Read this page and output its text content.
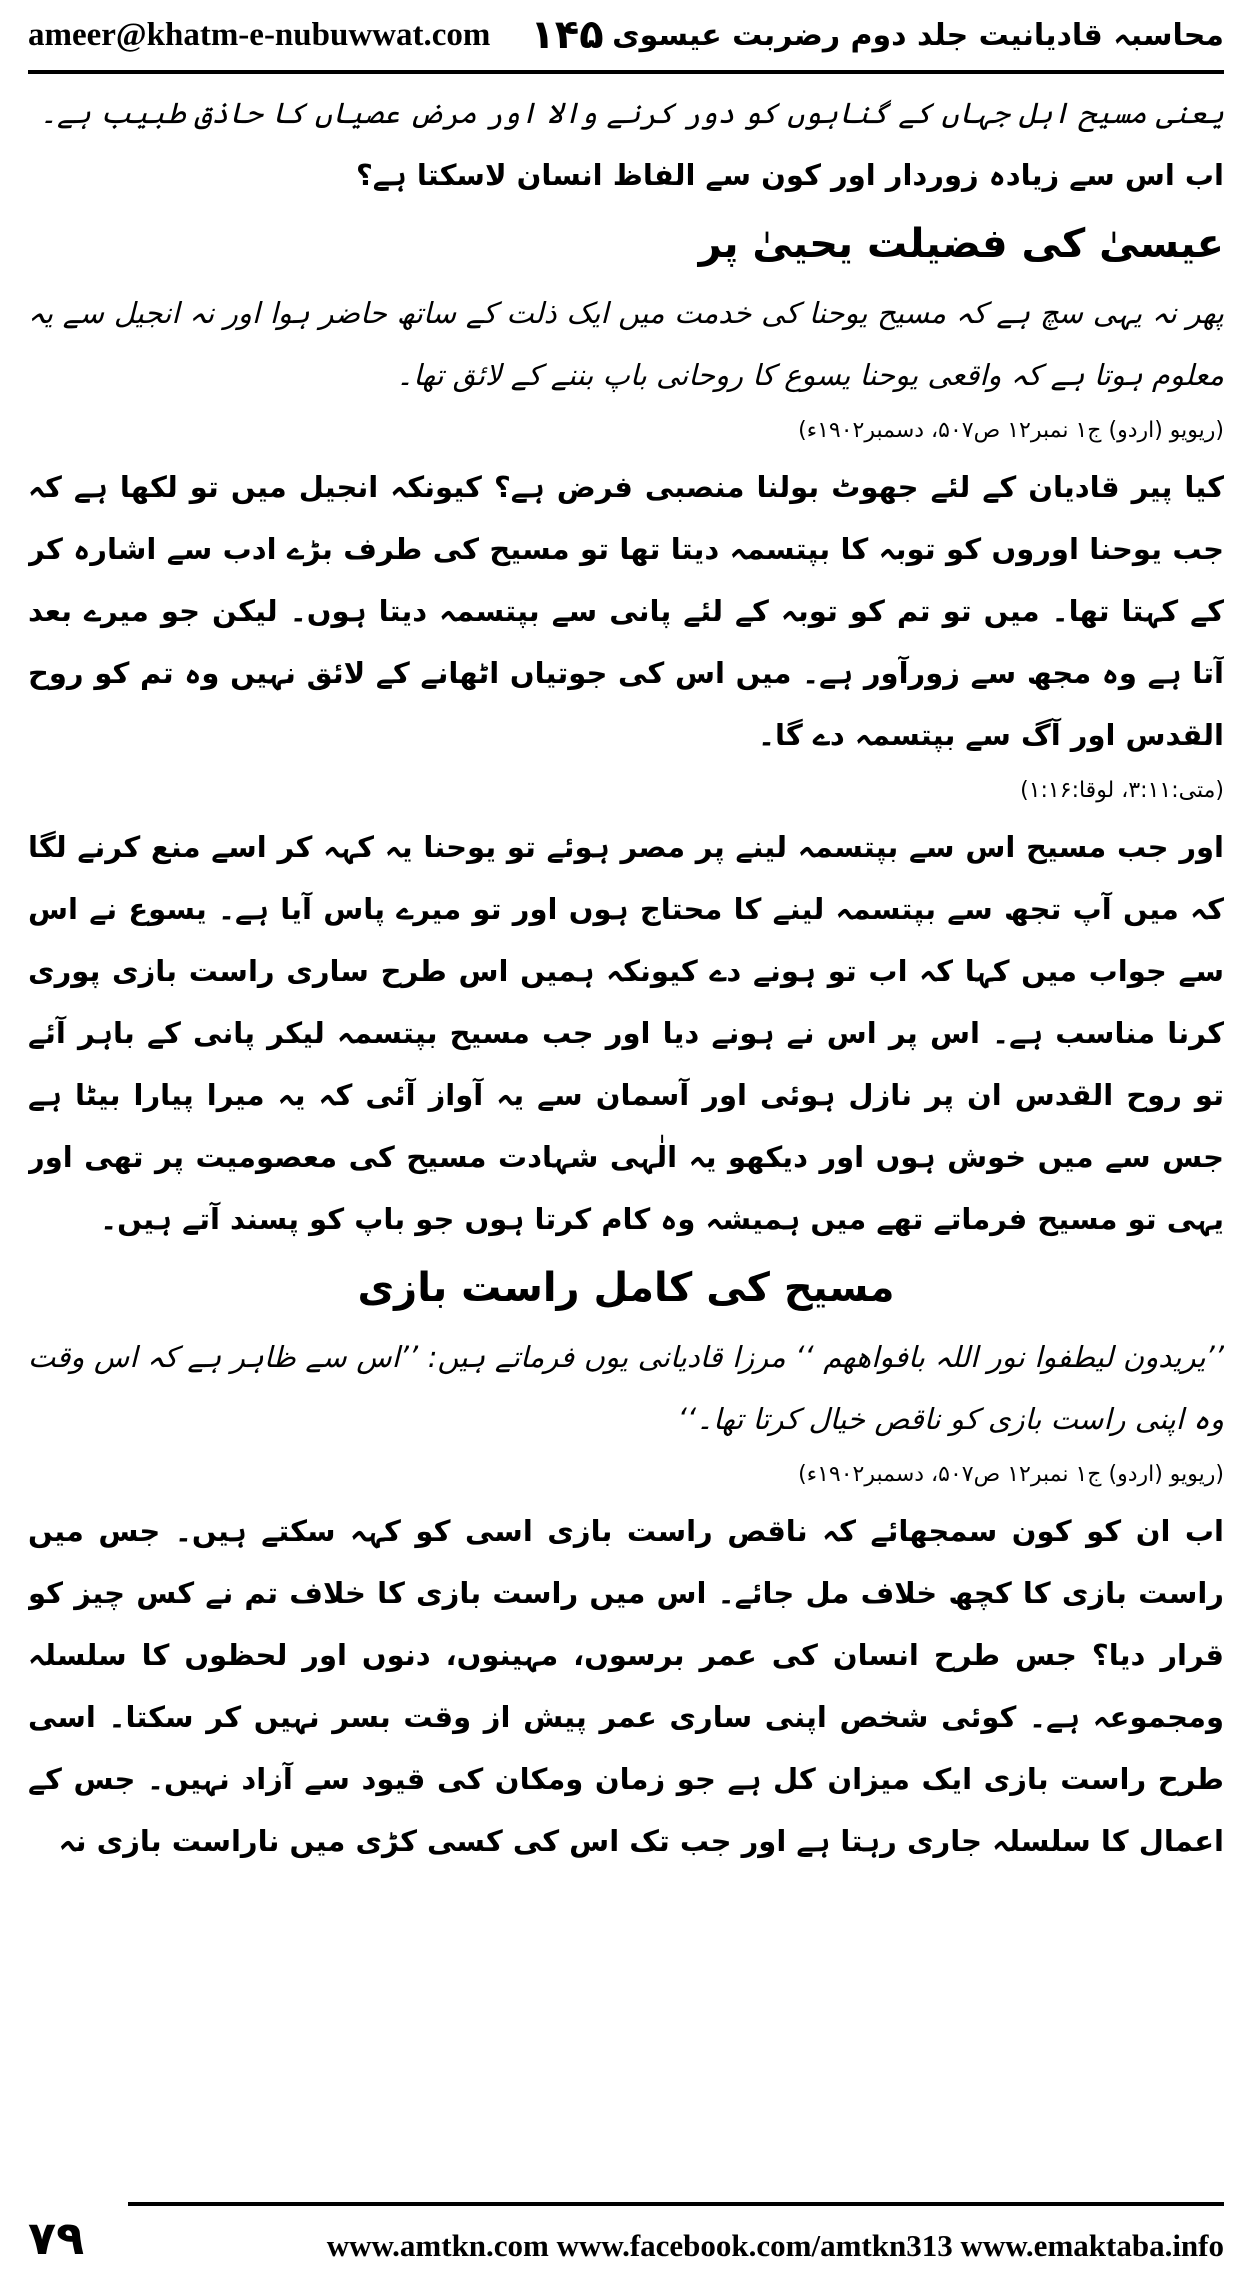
ameer@khatm-e-nubuwwat.com ۱۴۵ محاسبہ قادیانیت جلد دوم رضربت عیسوی

یعنی مسیح اہل جہاں کے گناہوں کو دور کرنے والا اور مرض عصیاں کا حاذق طبیب ہے۔

اب اس سے زیادہ زوردار اور کون سے الفاظ انسان لاسکتا ہے؟

عیسیٰ کی فضیلت یحییٰ پر

پھر نہ یہی سچ ہے کہ مسیح یوحنا کی خدمت میں ایک ذلت کے ساتھ حاضر ہوا اور نہ انجیل سے یہ معلوم ہوتا ہے کہ واقعی یوحنا یسوع کا روحانی باپ بننے کے لائق تھا۔

(ریویو (اردو) ج۱ نمبر۱۲ ص۵۰۷، دسمبر۱۹۰۲ء)

کیا پیر قادیان کے لئے جھوٹ بولنا منصبی فرض ہے؟ کیونکہ انجیل میں تو لکھا ہے کہ جب یوحنا اوروں کو توبہ کا بپتسمہ دیتا تھا تو مسیح کی طرف بڑے ادب سے اشارہ کر کے کہتا تھا۔ میں تو تم کو توبہ کے لئے پانی سے بپتسمہ دیتا ہوں۔ لیکن جو میرے بعد آتا ہے وہ مجھ سے زورآور ہے۔ میں اس کی جوتیاں اٹھانے کے لائق نہیں وہ تم کو روح القدس اور آگ سے بپتسمہ دے گا۔

(متی:۳:۱۱، لوقا:۱:۱۶)

اور جب مسیح اس سے بپتسمہ لینے پر مصر ہوئے تو یوحنا یہ کہہ کر اسے منع کرنے لگا کہ میں آپ تجھ سے بپتسمہ لینے کا محتاج ہوں اور تو میرے پاس آیا ہے۔ یسوع نے اس سے جواب میں کہا کہ اب تو ہونے دے کیونکہ ہمیں اس طرح ساری راست بازی پوری کرنا مناسب ہے۔ اس پر اس نے ہونے دیا اور جب مسیح بپتسمہ لیکر پانی کے باہر آئے تو روح القدس ان پر نازل ہوئی اور آسمان سے یہ آواز آئی کہ یہ میرا پیارا بیٹا ہے جس سے میں خوش ہوں اور دیکھو یہ الٰہی شہادت مسیح کی معصومیت پر تھی اور یہی تو مسیح فرماتے تھے میں ہمیشہ وہ کام کرتا ہوں جو باپ کو پسند آتے ہیں۔

مسیح کی کامل راست بازی

’’یریدون لیطفوا نور اللہ بافواھھم ‘‘ مرزا قادیانی یوں فرماتے ہیں: ’’اس سے ظاہر ہے کہ اس وقت وہ اپنی راست بازی کو ناقص خیال کرتا تھا۔‘‘

(ریویو (اردو) ج۱ نمبر۱۲ ص۵۰۷، دسمبر۱۹۰۲ء)

اب ان کو کون سمجھائے کہ ناقص راست بازی اسی کو کہہ سکتے ہیں۔ جس میں راست بازی کا کچھ خلاف مل جائے۔ اس میں راست بازی کا خلاف تم نے کس چیز کو قرار دیا؟ جس طرح انسان کی عمر برسوں، مہینوں، دنوں اور لحظوں کا سلسلہ ومجموعہ ہے۔ کوئی شخص اپنی ساری عمر پیش از وقت بسر نہیں کر سکتا۔ اسی طرح راست بازی ایک میزان کل ہے جو زمان ومکان کی قیود سے آزاد نہیں۔ جس کے اعمال کا سلسلہ جاری رہتا ہے اور جب تک اس کی کسی کڑی میں ناراست بازی نہ

۷۹	www.amtkn.com www.facebook.com/amtkn313 www.emaktaba.info
